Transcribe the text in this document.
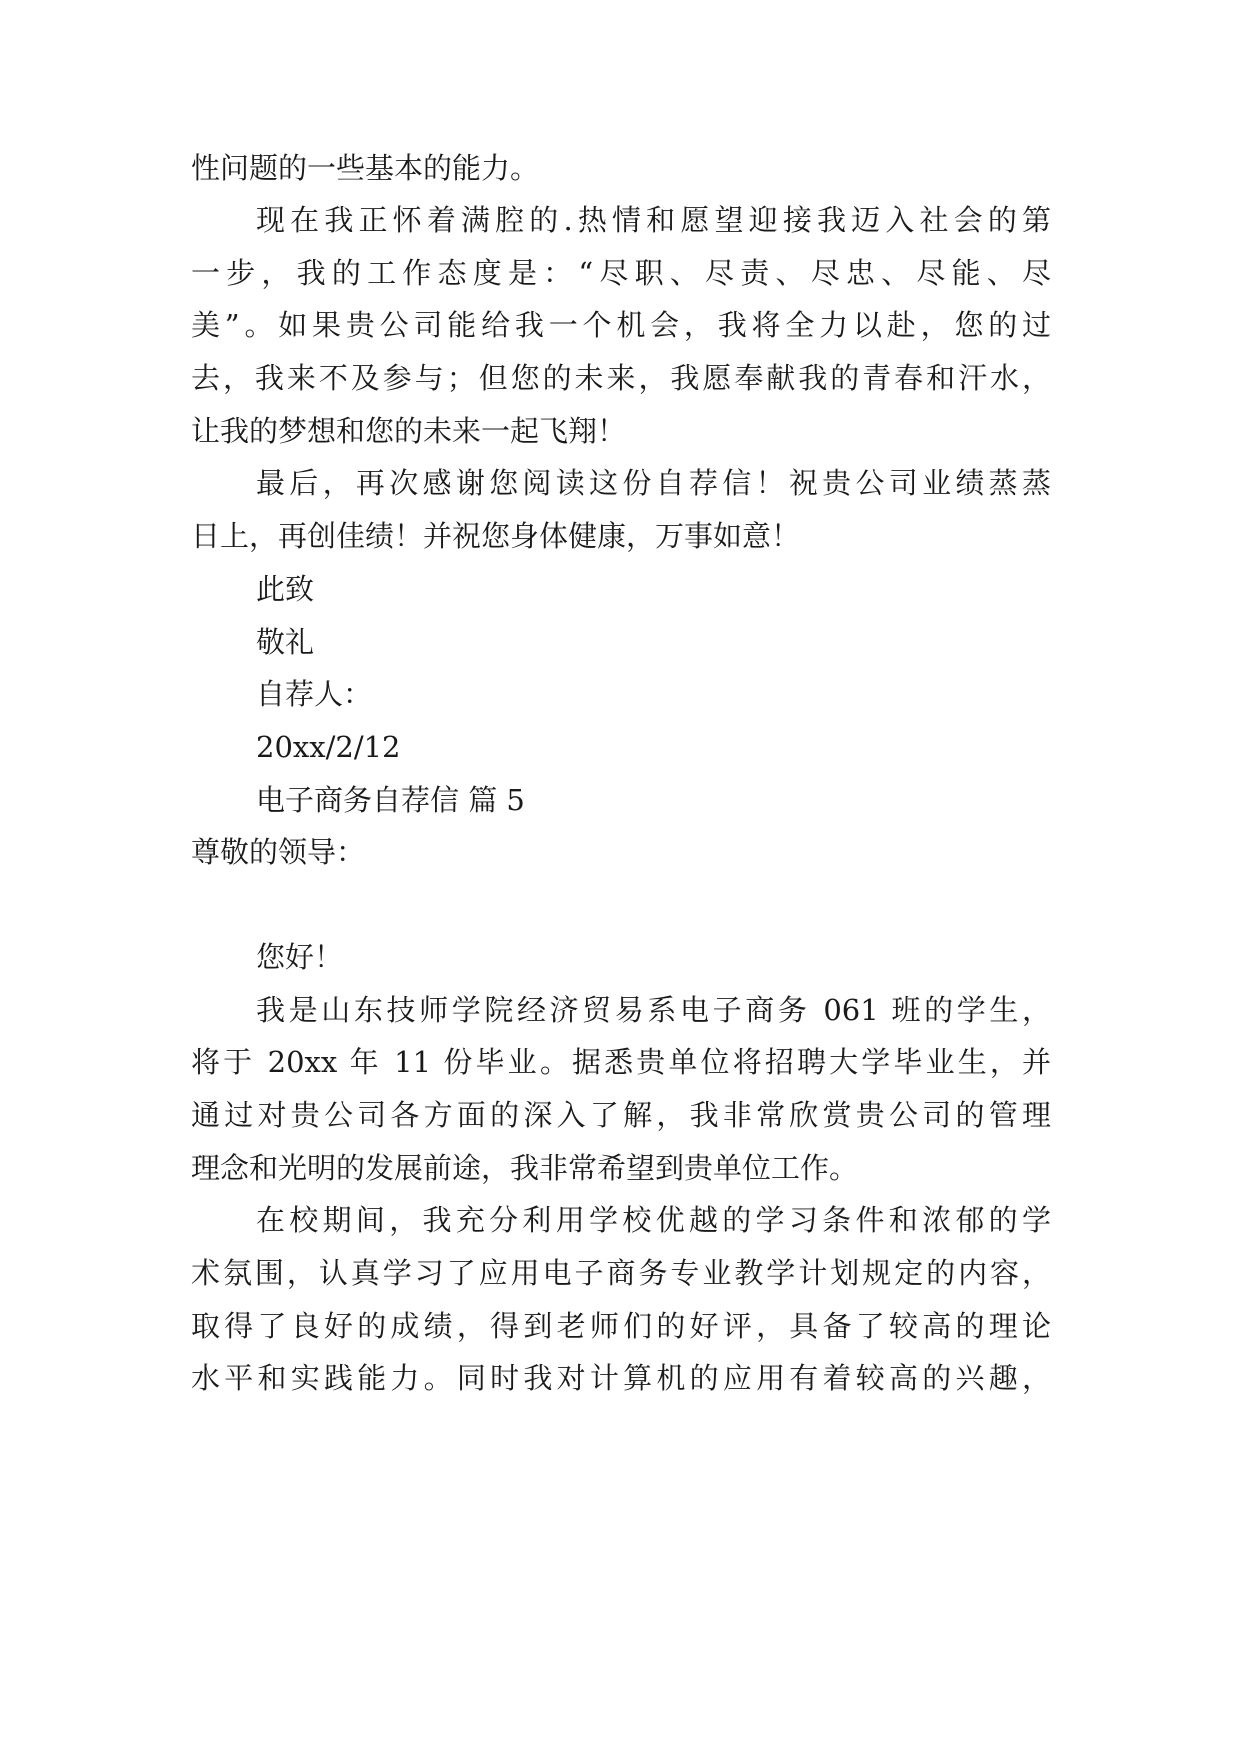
性问题的一些基本的能力。
现在我正怀着满腔的.热情和愿望迎接我迈入社会的第
一步，我的工作态度是：“尽职、尽责、尽忠、尽能、尽
美”。如果贵公司能给我一个机会，我将全力以赴，您的过
去，我来不及参与；但您的未来，我愿奉献我的青春和汗水，
让我的梦想和您的未来一起飞翔！
最后，再次感谢您阅读这份自荐信！祝贵公司业绩蒸蒸
日上，再创佳绩！并祝您身体健康，万事如意！
此致
敬礼
自荐人：
20xx/2/12
电子商务自荐信 篇 5
尊敬的领导：
您好！
我是山东技师学院经济贸易系电子商务 061 班的学生，
将于 20xx 年 11 份毕业。据悉贵单位将招聘大学毕业生，并
通过对贵公司各方面的深入了解，我非常欣赏贵公司的管理
理念和光明的发展前途，我非常希望到贵单位工作。
在校期间，我充分利用学校优越的学习条件和浓郁的学
术氛围，认真学习了应用电子商务专业教学计划规定的内容，
取得了良好的成绩，得到老师们的好评，具备了较高的理论
水平和实践能力。同时我对计算机的应用有着较高的兴趣，
